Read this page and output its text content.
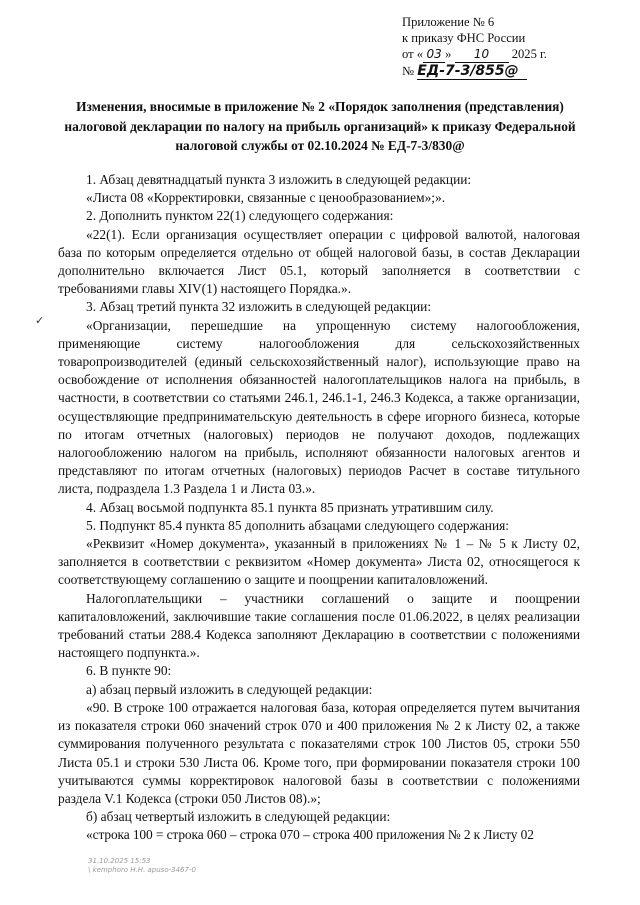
Приложение № 6
к приказу ФНС России
от « 03 » 10 2025 г.
№ ЕД-7-3/855@
Изменения, вносимые в приложение № 2 «Порядок заполнения (представления) налоговой декларации по налогу на прибыль организаций» к приказу Федеральной налоговой службы от 02.10.2024 № ЕД-7-3/830@
✓

1. Абзац девятнадцатый пункта 3 изложить в следующей редакции:

«Листа 08 «Корректировки, связанные с ценообразованием»;».

2. Дополнить пунктом 22(1) следующего содержания:

«22(1). Если организация осуществляет операции с цифровой валютой, налоговая база по которым определяется отдельно от общей налоговой базы, в состав Декларации дополнительно включается Лист 05.1, который заполняется в соответствии с требованиями главы XIV(1) настоящего Порядка.».

3. Абзац третий пункта 32 изложить в следующей редакции:

«Организации, перешедшие на упрощенную систему налогообложения, применяющие систему налогообложения для сельскохозяйственных товаропроизводителей (единый сельскохозяйственный налог), использующие право на освобождение от исполнения обязанностей налогоплательщиков налога на прибыль, в частности, в соответствии со статьями 246.1, 246.1-1, 246.3 Кодекса, а также организации, осуществляющие предпринимательскую деятельность в сфере игорного бизнеса, которые по итогам отчетных (налоговых) периодов не получают доходов, подлежащих налогообложению налогом на прибыль, исполняют обязанности налоговых агентов и представляют по итогам отчетных (налоговых) периодов Расчет в составе титульного листа, подраздела 1.3 Раздела 1 и Листа 03.».

4. Абзац восьмой подпункта 85.1 пункта 85 признать утратившим силу.

5. Подпункт 85.4 пункта 85 дополнить абзацами следующего содержания:

«Реквизит «Номер документа», указанный в приложениях № 1 – № 5 к Листу 02, заполняется в соответствии с реквизитом «Номер документа» Листа 02, относящегося к соответствующему соглашению о защите и поощрении капиталовложений.

Налогоплательщики – участники соглашений о защите и поощрении капиталовложений, заключившие такие соглашения после 01.06.2022, в целях реализации требований статьи 288.4 Кодекса заполняют Декларацию в соответствии с положениями настоящего подпункта.».

6. В пункте 90:

а) абзац первый изложить в следующей редакции:

«90. В строке 100 отражается налоговая база, которая определяется путем вычитания из показателя строки 060 значений строк 070 и 400 приложения № 2 к Листу 02, а также суммирования полученного результата с показателями строк 100 Листов 05, строки 550 Листа 05.1 и строки 530 Листа 06. Кроме того, при формировании показателя строки 100 учитываются суммы корректировок налоговой базы в соответствии с положениями раздела V.1 Кодекса (строки 050 Листов 08).»;

б) абзац четвертый изложить в следующей редакции:

«строка 100 = строка 060 – строка 070 – строка 400 приложения № 2 к Листу 02

31.10.2025 15:53
\ kemphoro Н.Н. apuso-3467-0
